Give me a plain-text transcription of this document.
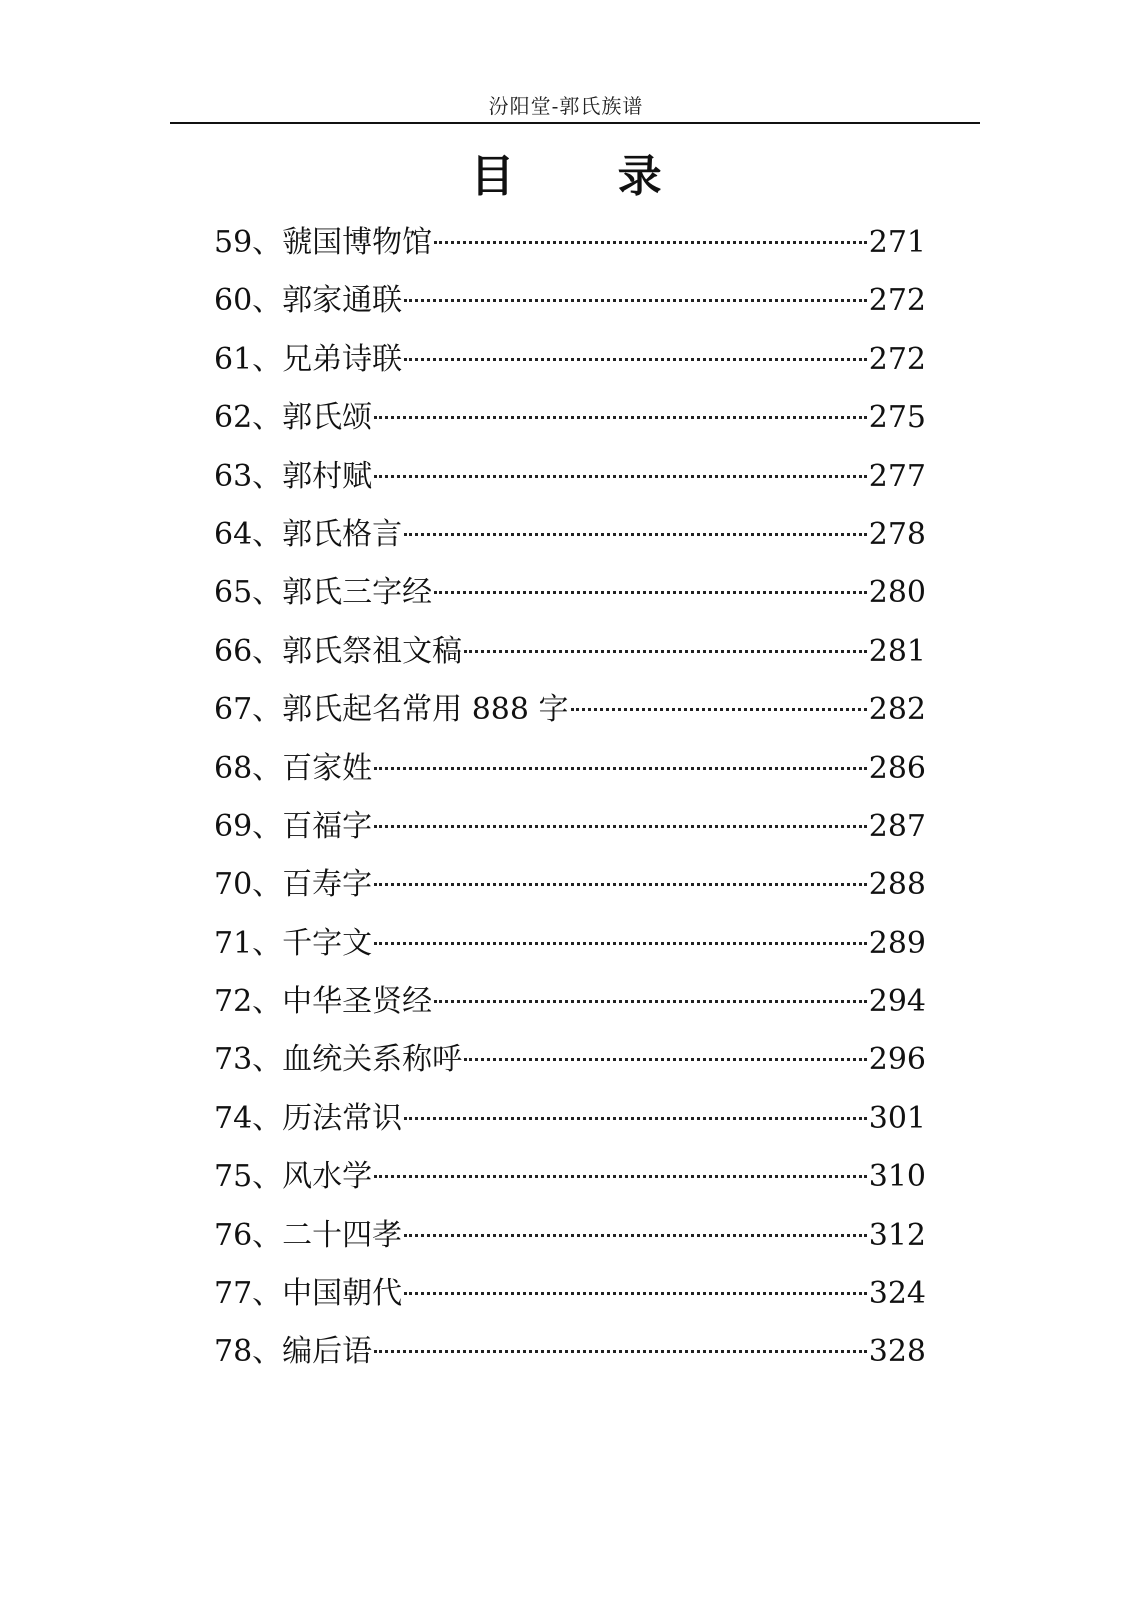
汾阳堂-郭氏族谱
目 录
59、虢国博物馆	271
60、郭家通联	272
61、兄弟诗联	272
62、郭氏颂	275
63、郭村赋	277
64、郭氏格言	278
65、郭氏三字经	280
66、郭氏祭祖文稿	281
67、郭氏起名常用 888 字	282
68、百家姓	286
69、百福字	287
70、百寿字	288
71、千字文	289
72、中华圣贤经	294
73、血统关系称呼	296
74、历法常识	301
75、风水学	310
76、二十四孝	312
77、中国朝代	324
78、编后语	328
